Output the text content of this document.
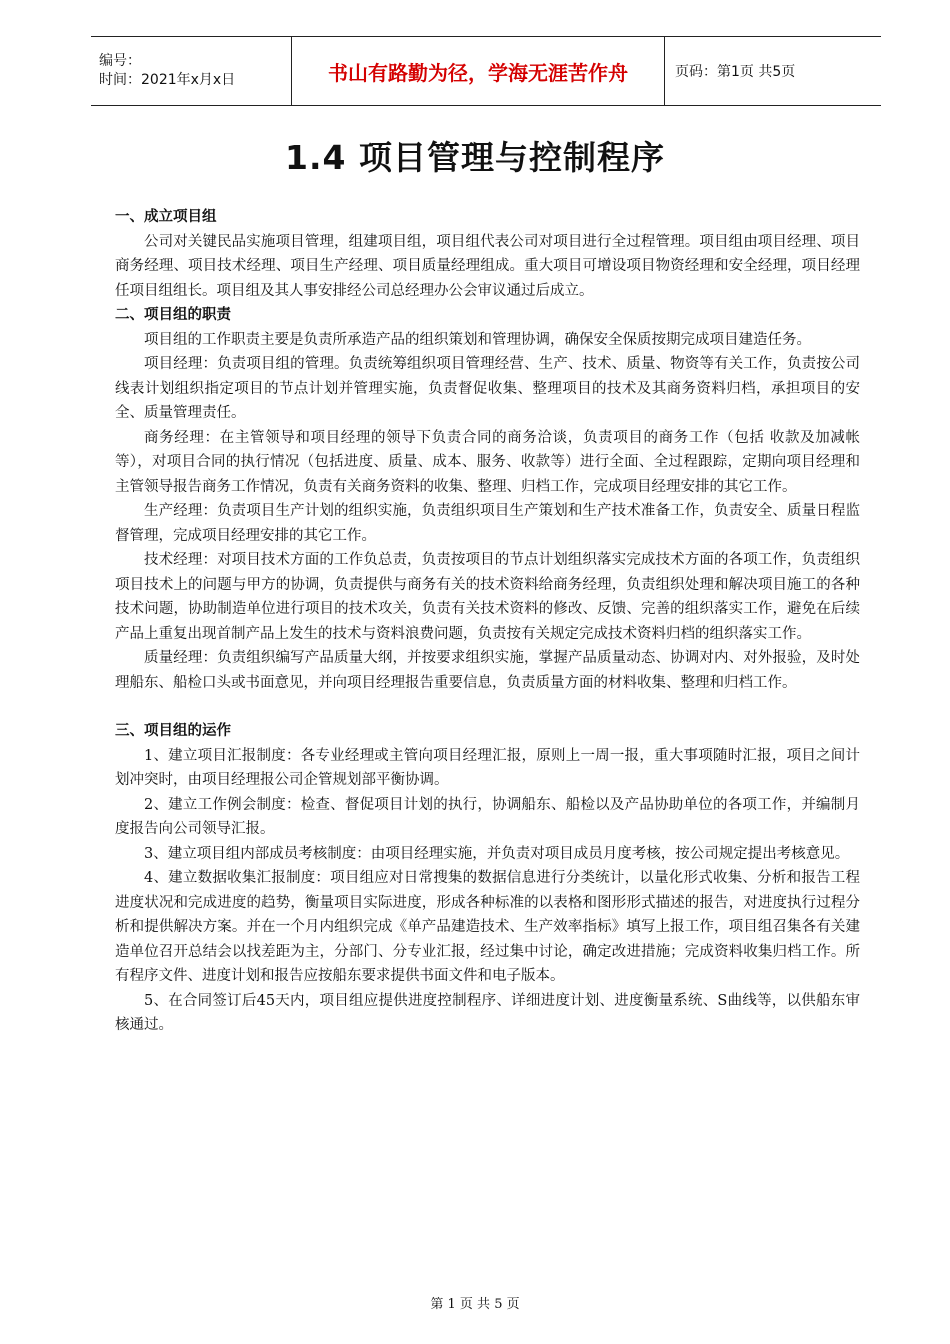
编号：
时间：2021年x月x日	书山有路勤为径，学海无涯苦作舟	页码：第1页 共5页
1.4 项目管理与控制程序

一、成立项目组

公司对关键民品实施项目管理，组建项目组，项目组代表公司对项目进行全过程管理。项目组由项目经理、项目商务经理、项目技术经理、项目生产经理、项目质量经理组成。重大项目可增设项目物资经理和安全经理，项目经理任项目组组长。项目组及其人事安排经公司总经理办公会审议通过后成立。

二、项目组的职责

项目组的工作职责主要是负责所承造产品的组织策划和管理协调，确保安全保质按期完成项目建造任务。

项目经理：负责项目组的管理。负责统筹组织项目管理经营、生产、技术、质量、物资等有关工作，负责按公司线表计划组织指定项目的节点计划并管理实施，负责督促收集、整理项目的技术及其商务资料归档，承担项目的安全、质量管理责任。

商务经理：在主管领导和项目经理的领导下负责合同的商务洽谈，负责项目的商务工作（包括 收款及加减帐等），对项目合同的执行情况（包括进度、质量、成本、服务、收款等）进行全面、全过程跟踪，定期向项目经理和主管领导报告商务工作情况，负责有关商务资料的收集、整理、归档工作，完成项目经理安排的其它工作。

生产经理：负责项目生产计划的组织实施，负责组织项目生产策划和生产技术准备工作，负责安全、质量日程监督管理，完成项目经理安排的其它工作。

技术经理：对项目技术方面的工作负总责，负责按项目的节点计划组织落实完成技术方面的各项工作，负责组织项目技术上的问题与甲方的协调，负责提供与商务有关的技术资料给商务经理，负责组织处理和解决项目施工的各种技术问题，协助制造单位进行项目的技术攻关，负责有关技术资料的修改、反馈、完善的组织落实工作，避免在后续产品上重复出现首制产品上发生的技术与资料浪费问题，负责按有关规定完成技术资料归档的组织落实工作。

质量经理：负责组织编写产品质量大纲，并按要求组织实施，掌握产品质量动态、协调对内、对外报验，及时处理船东、船检口头或书面意见，并向项目经理报告重要信息，负责质量方面的材料收集、整理和归档工作。

三、项目组的运作

1、建立项目汇报制度：各专业经理或主管向项目经理汇报，原则上一周一报，重大事项随时汇报，项目之间计划冲突时，由项目经理报公司企管规划部平衡协调。

2、建立工作例会制度：检查、督促项目计划的执行，协调船东、船检以及产品协助单位的各项工作，并编制月度报告向公司领导汇报。

3、建立项目组内部成员考核制度：由项目经理实施，并负责对项目成员月度考核，按公司规定提出考核意见。

4、建立数据收集汇报制度：项目组应对日常搜集的数据信息进行分类统计，以量化形式收集、分析和报告工程进度状况和完成进度的趋势，衡量项目实际进度，形成各种标准的以表格和图形形式描述的报告，对进度执行过程分析和提供解决方案。并在一个月内组织完成《单产品建造技术、生产效率指标》填写上报工作，项目组召集各有关建造单位召开总结会以找差距为主，分部门、分专业汇报，经过集中讨论，确定改进措施；完成资料收集归档工作。所有程序文件、进度计划和报告应按船东要求提供书面文件和电子版本。

5、在合同签订后45天内，项目组应提供进度控制程序、详细进度计划、进度衡量系统、S曲线等，以供船东审核通过。

第 1 页 共 5 页
